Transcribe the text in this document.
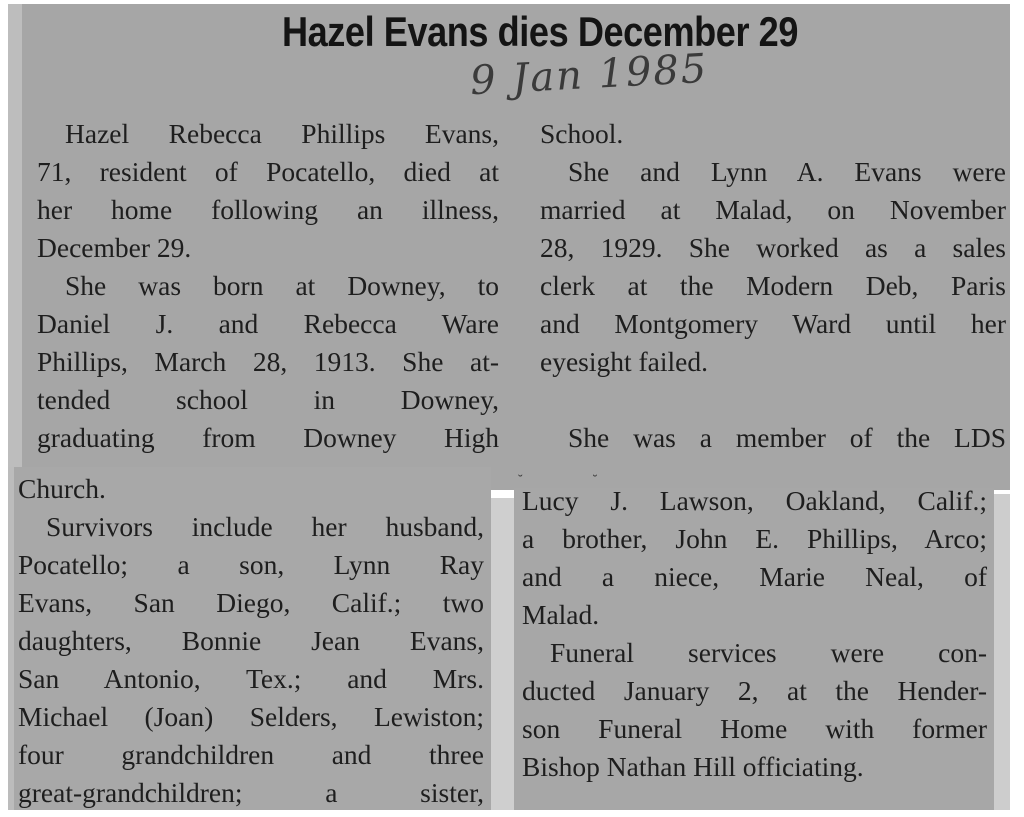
Hazel Evans dies December 29
9 Jan 1985
˘˘
Hazel Rebecca Phillips Evans,
71, resident of Pocatello, died at
her home following an illness,
December 29.
She was born at Downey, to
Daniel J. and Rebecca Ware
Phillips, March 28, 1913. She at-
tended school in Downey,
graduating from Downey High
School.
She and Lynn A. Evans were
married at Malad, on November
28, 1929. She worked as a sales
clerk at the Modern Deb, Paris
and Montgomery Ward until her
eyesight failed.

She was a member of the LDS
Church.
Survivors include her husband,
Pocatello; a son, Lynn Ray
Evans, San Diego, Calif.; two
daughters, Bonnie Jean Evans,
San Antonio, Tex.; and Mrs.
Michael (Joan) Selders, Lewiston;
four grandchildren and three
great-grandchildren; a sister,
Lucy J. Lawson, Oakland, Calif.;
a brother, John E. Phillips, Arco;
and a niece, Marie Neal, of
Malad.
Funeral services were con-
ducted January 2, at the Hender-
son Funeral Home with former
Bishop Nathan Hill officiating.
